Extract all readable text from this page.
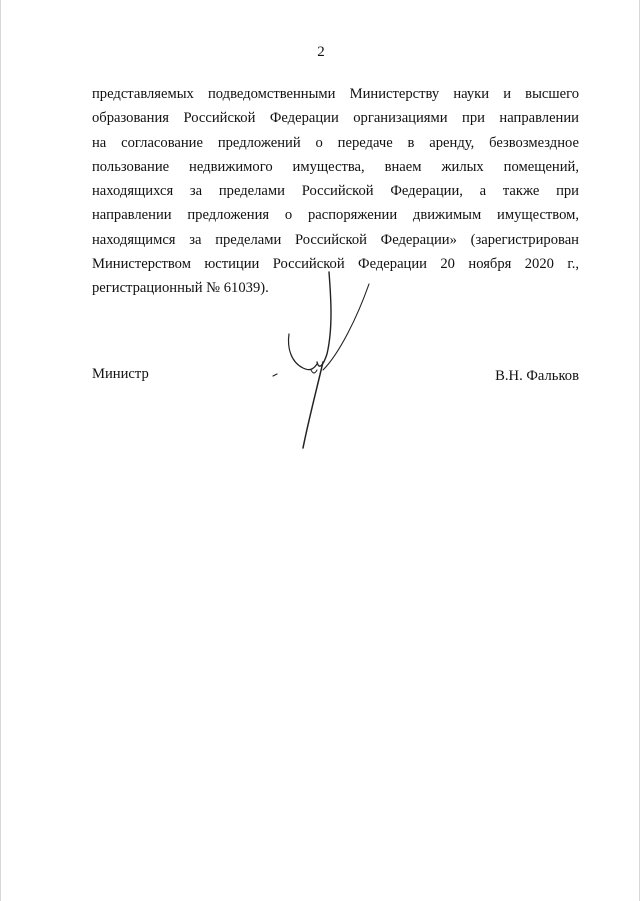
2
представляемых подведомственными Министерству науки и высшего
образования Российской Федерации организациями при направлении
на согласование предложений о передаче в аренду, безвозмездное
пользование недвижимого имущества, внаем жилых помещений,
находящихся за пределами Российской Федерации, а также при
направлении предложения о распоряжении движимым имуществом,
находящимся за пределами Российской Федерации» (зарегистрирован
Министерством юстиции Российской Федерации 20 ноября 2020 г.,
регистрационный № 61039).
Министр	В.Н. Фальков
